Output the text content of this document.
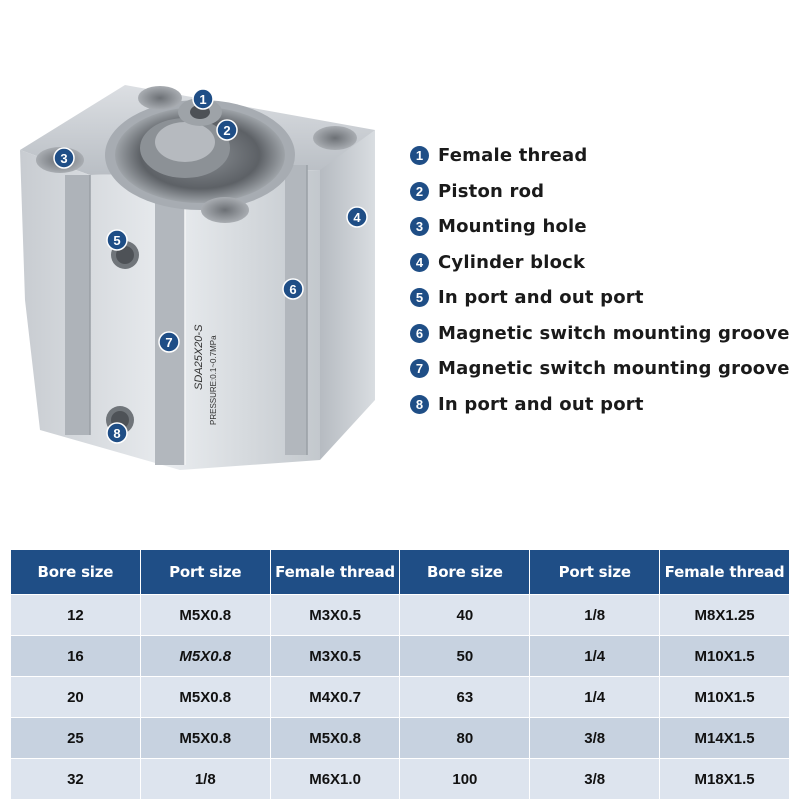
SDA25X20-S PRESSURE:0.1~0.7MPa
1
2
3
4
5
6
7
8
1 Female thread
2 Piston rod
3 Mounting hole
4 Cylinder block
5 In port and out port
6 Magnetic switch mounting groove
7 Magnetic switch mounting groove
8 In port and out port
Bore size	Port size	Female thread	Bore size	Port size	Female thread
12	M5X0.8	M3X0.5	40	1/8	M8X1.25
16	M5X0.8	M3X0.5	50	1/4	M10X1.5
20	M5X0.8	M4X0.7	63	1/4	M10X1.5
25	M5X0.8	M5X0.8	80	3/8	M14X1.5
32	1/8	M6X1.0	100	3/8	M18X1.5
